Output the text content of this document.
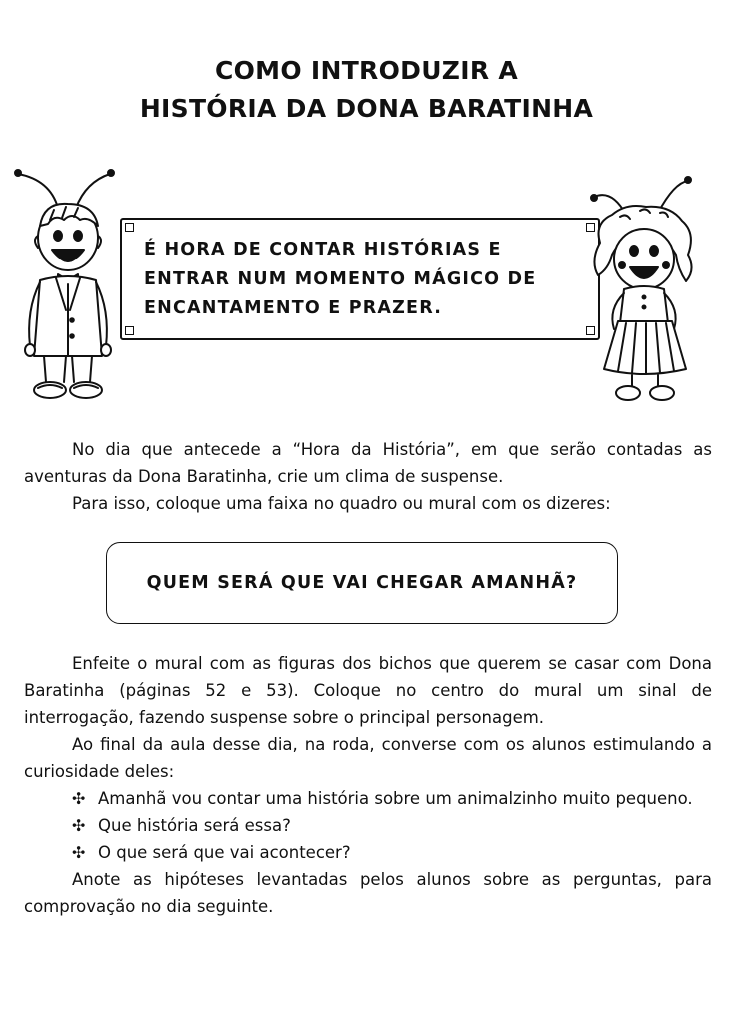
COMO INTRODUZIR A
HISTÓRIA DA DONA BARATINHA
É HORA DE CONTAR HISTÓRIAS E
ENTRAR NUM MOMENTO MÁGICO DE
ENCANTAMENTO E PRAZER.

No dia que antecede a “Hora da História”, em que serão contadas as aventuras da Dona Baratinha, crie um clima de suspense.

Para isso, coloque uma faixa no quadro ou mural com os dizeres:

QUEM SERÁ QUE VAI CHEGAR AMANHÃ?

Enfeite o mural com as figuras dos bichos que querem se casar com Dona Baratinha (páginas 52 e 53). Coloque no centro do mural um sinal de interrogação, fazendo suspense sobre o principal personagem.

Ao final da aula desse dia, na roda, converse com os alunos estimulando a curiosidade deles:

✣ Amanhã vou contar uma história sobre um animalzinho muito pequeno.

✣ Que história será essa?

✣ O que será que vai acontecer?

Anote as hipóteses levantadas pelos alunos sobre as perguntas, para comprovação no dia seguinte.
